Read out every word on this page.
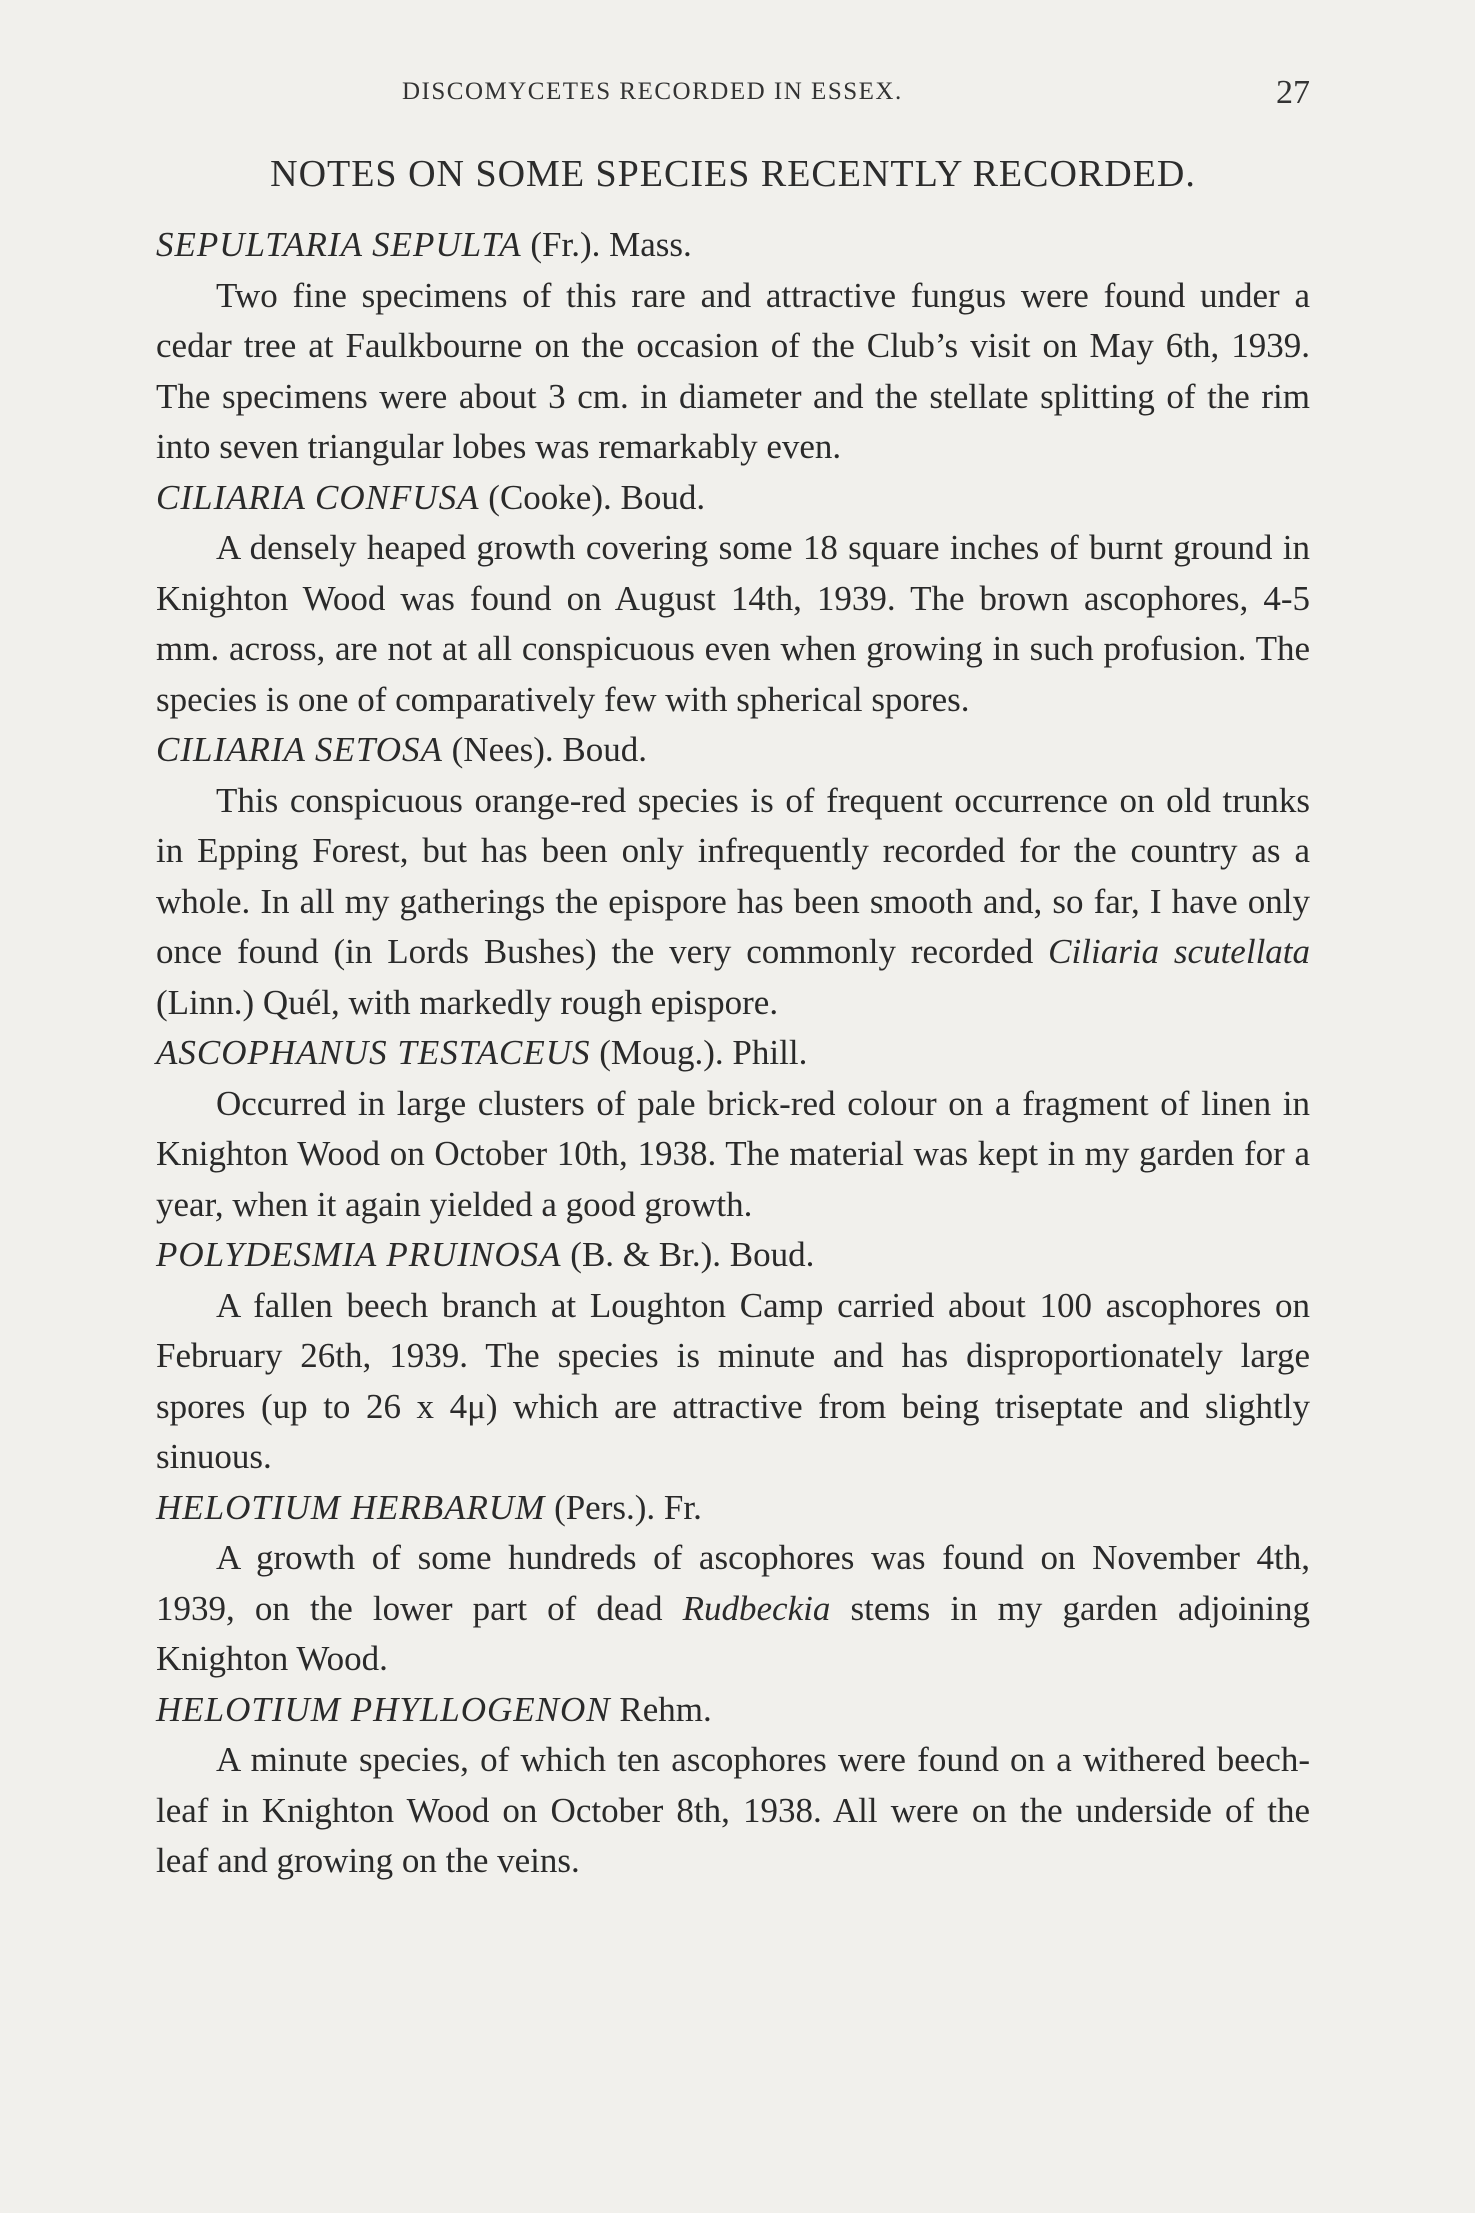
DISCOMYCETES RECORDED IN ESSEX.	27
NOTES ON SOME SPECIES RECENTLY RECORDED.

SEPULTARIA SEPULTA (Fr.). Mass.

Two fine specimens of this rare and attractive fungus were found under a cedar tree at Faulkbourne on the occasion of the Club’s visit on May 6th, 1939. The specimens were about 3 cm. in diameter and the stellate splitting of the rim into seven triangular lobes was remarkably even.

CILIARIA CONFUSA (Cooke). Boud.

A densely heaped growth covering some 18 square inches of burnt ground in Knighton Wood was found on August 14th, 1939. The brown ascophores, 4-5 mm. across, are not at all conspicuous even when growing in such profusion. The species is one of comparatively few with spherical spores.

CILIARIA SETOSA (Nees). Boud.

This conspicuous orange-red species is of frequent occurrence on old trunks in Epping Forest, but has been only infrequently recorded for the country as a whole. In all my gatherings the epispore has been smooth and, so far, I have only once found (in Lords Bushes) the very commonly recorded Ciliaria scutellata (Linn.) Quél, with markedly rough epispore.

ASCOPHANUS TESTACEUS (Moug.). Phill.

Occurred in large clusters of pale brick-red colour on a fragment of linen in Knighton Wood on October 10th, 1938. The material was kept in my garden for a year, when it again yielded a good growth.

POLYDESMIA PRUINOSA (B. & Br.). Boud.

A fallen beech branch at Loughton Camp carried about 100 ascophores on February 26th, 1939. The species is minute and has disproportionately large spores (up to 26 x 4μ) which are attractive from being triseptate and slightly sinuous.

HELOTIUM HERBARUM (Pers.). Fr.

A growth of some hundreds of ascophores was found on November 4th, 1939, on the lower part of dead Rudbeckia stems in my garden adjoining Knighton Wood.

HELOTIUM PHYLLOGENON Rehm.

A minute species, of which ten ascophores were found on a withered beech-leaf in Knighton Wood on October 8th, 1938. All were on the underside of the leaf and growing on the veins.
